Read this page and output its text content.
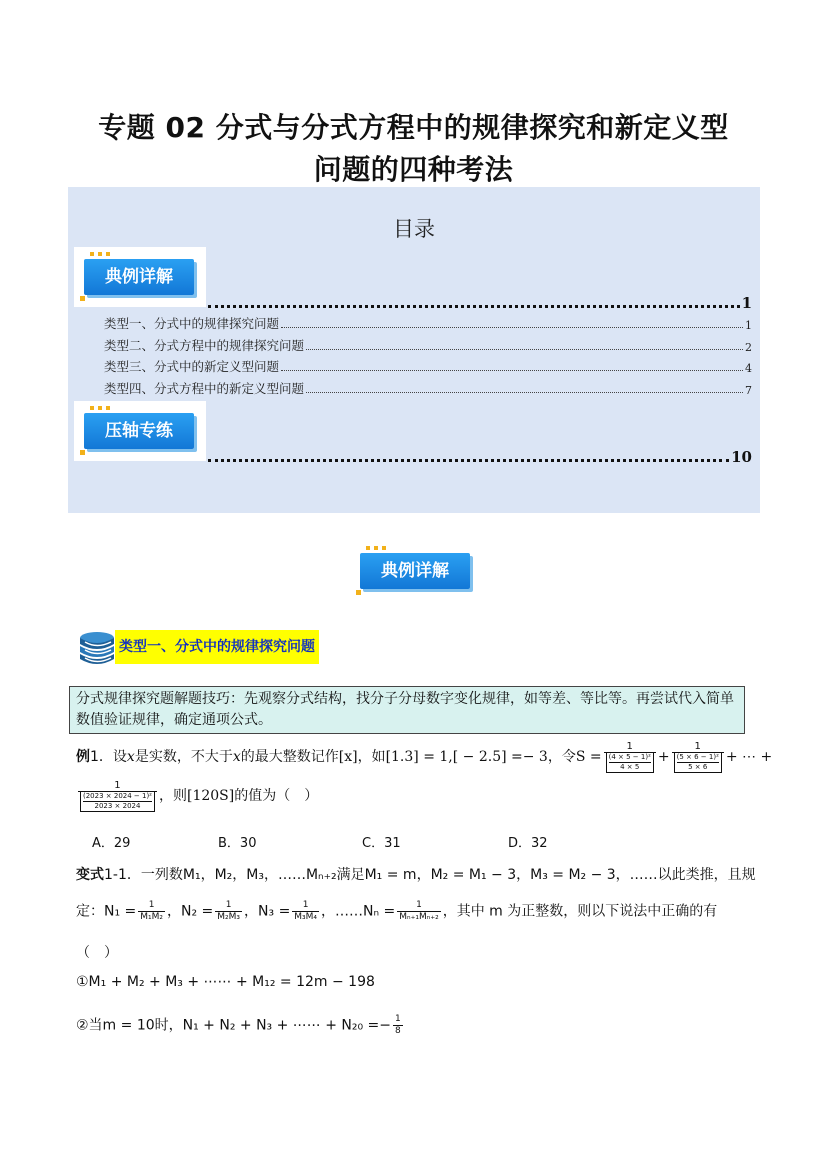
专题 02 分式与分式方程中的规律探究和新定义型
问题的四种考法
目录
典例详解
1
类型一、分式中的规律探究问题	1
类型二、分式方程中的规律探究问题	2
类型三、分式中的新定义型问题	4
类型四、分式方程中的新定义型问题	7
压轴专练
10
典例详解
类型一、分式中的规律探究问题
分式规律探究题解题技巧：先观察分式结构，找分子分母数字变化规律，如等差、等比等。再尝试代入简单数值验证规律，确定通项公式。
例1．设x是实数，不大于x的最大整数记作[x]，如[1.3] = 1,[ − 2.5] =− 3，令$S = \frac{1}{\frac{\text{(4 × 5 − 1)²}}{4 \times 5}} + \frac{1}{\frac{\text{(5 × 6 − 1)²}}{5 \times 6}}$ + ⋯ +
$\frac{1}{\frac{\text{(2023 × 2024 − 1)²}}{2023 \times 2024}}$ ，则[120S]的值为（　）
A．29	B．30	C．31	D．32
变式1-1．一列数M₁，M₂，M₃，……Mₙ₊₂满足M₁ = m，M₂ = M₁ − 3，M₃ = M₂ − 3，……以此类推，且规
定：$N_1 = \frac{1}{\text{M₁M₂}}$ ，$N_2 = \frac{1}{\text{M₂M₃}}$ ，$N_3 = \frac{1}{\text{M₃M₄}}$ ，……Nₙ = $\frac{1}{\text{Mₙ₊₁Mₙ₊₂}}$ ，其中 m 为正整数，则以下说法中正确的有
（　）
①M₁ + M₂ + M₃ + ⋯⋯ + M₁₂ = 12m − 198
②当m = 10时，N₁ + N₂ + N₃ + ⋯⋯ + $N_{20} =- \frac{1}{8}$
